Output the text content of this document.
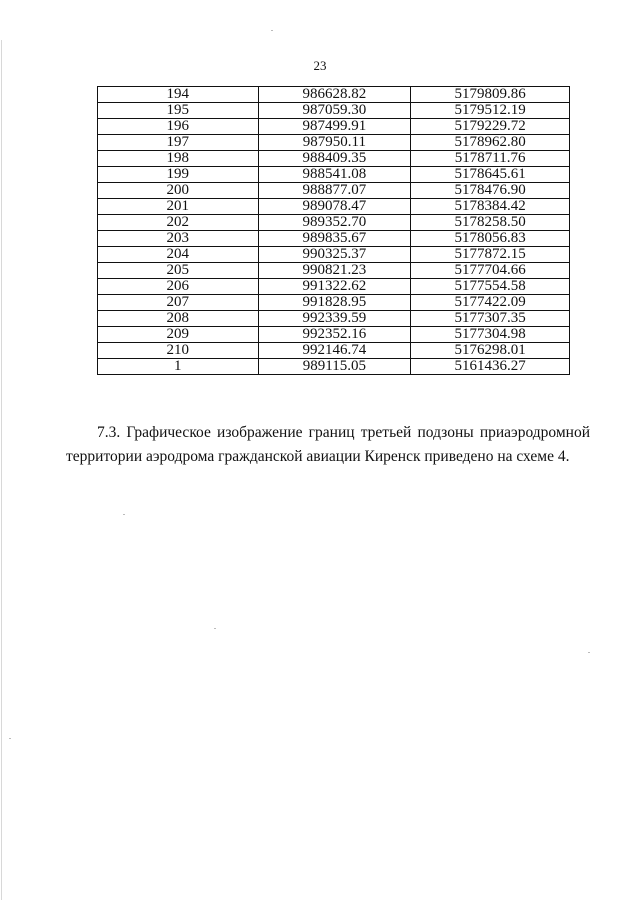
23
194	986628.82	5179809.86
195	987059.30	5179512.19
196	987499.91	5179229.72
197	987950.11	5178962.80
198	988409.35	5178711.76
199	988541.08	5178645.61
200	988877.07	5178476.90
201	989078.47	5178384.42
202	989352.70	5178258.50
203	989835.67	5178056.83
204	990325.37	5177872.15
205	990821.23	5177704.66
206	991322.62	5177554.58
207	991828.95	5177422.09
208	992339.59	5177307.35
209	992352.16	5177304.98
210	992146.74	5176298.01
1	989115.05	5161436.27

7.3. Графическое изображение границ третьей подзоны приаэродромной территории аэродрома гражданской авиации Киренск приведено на схеме 4.
